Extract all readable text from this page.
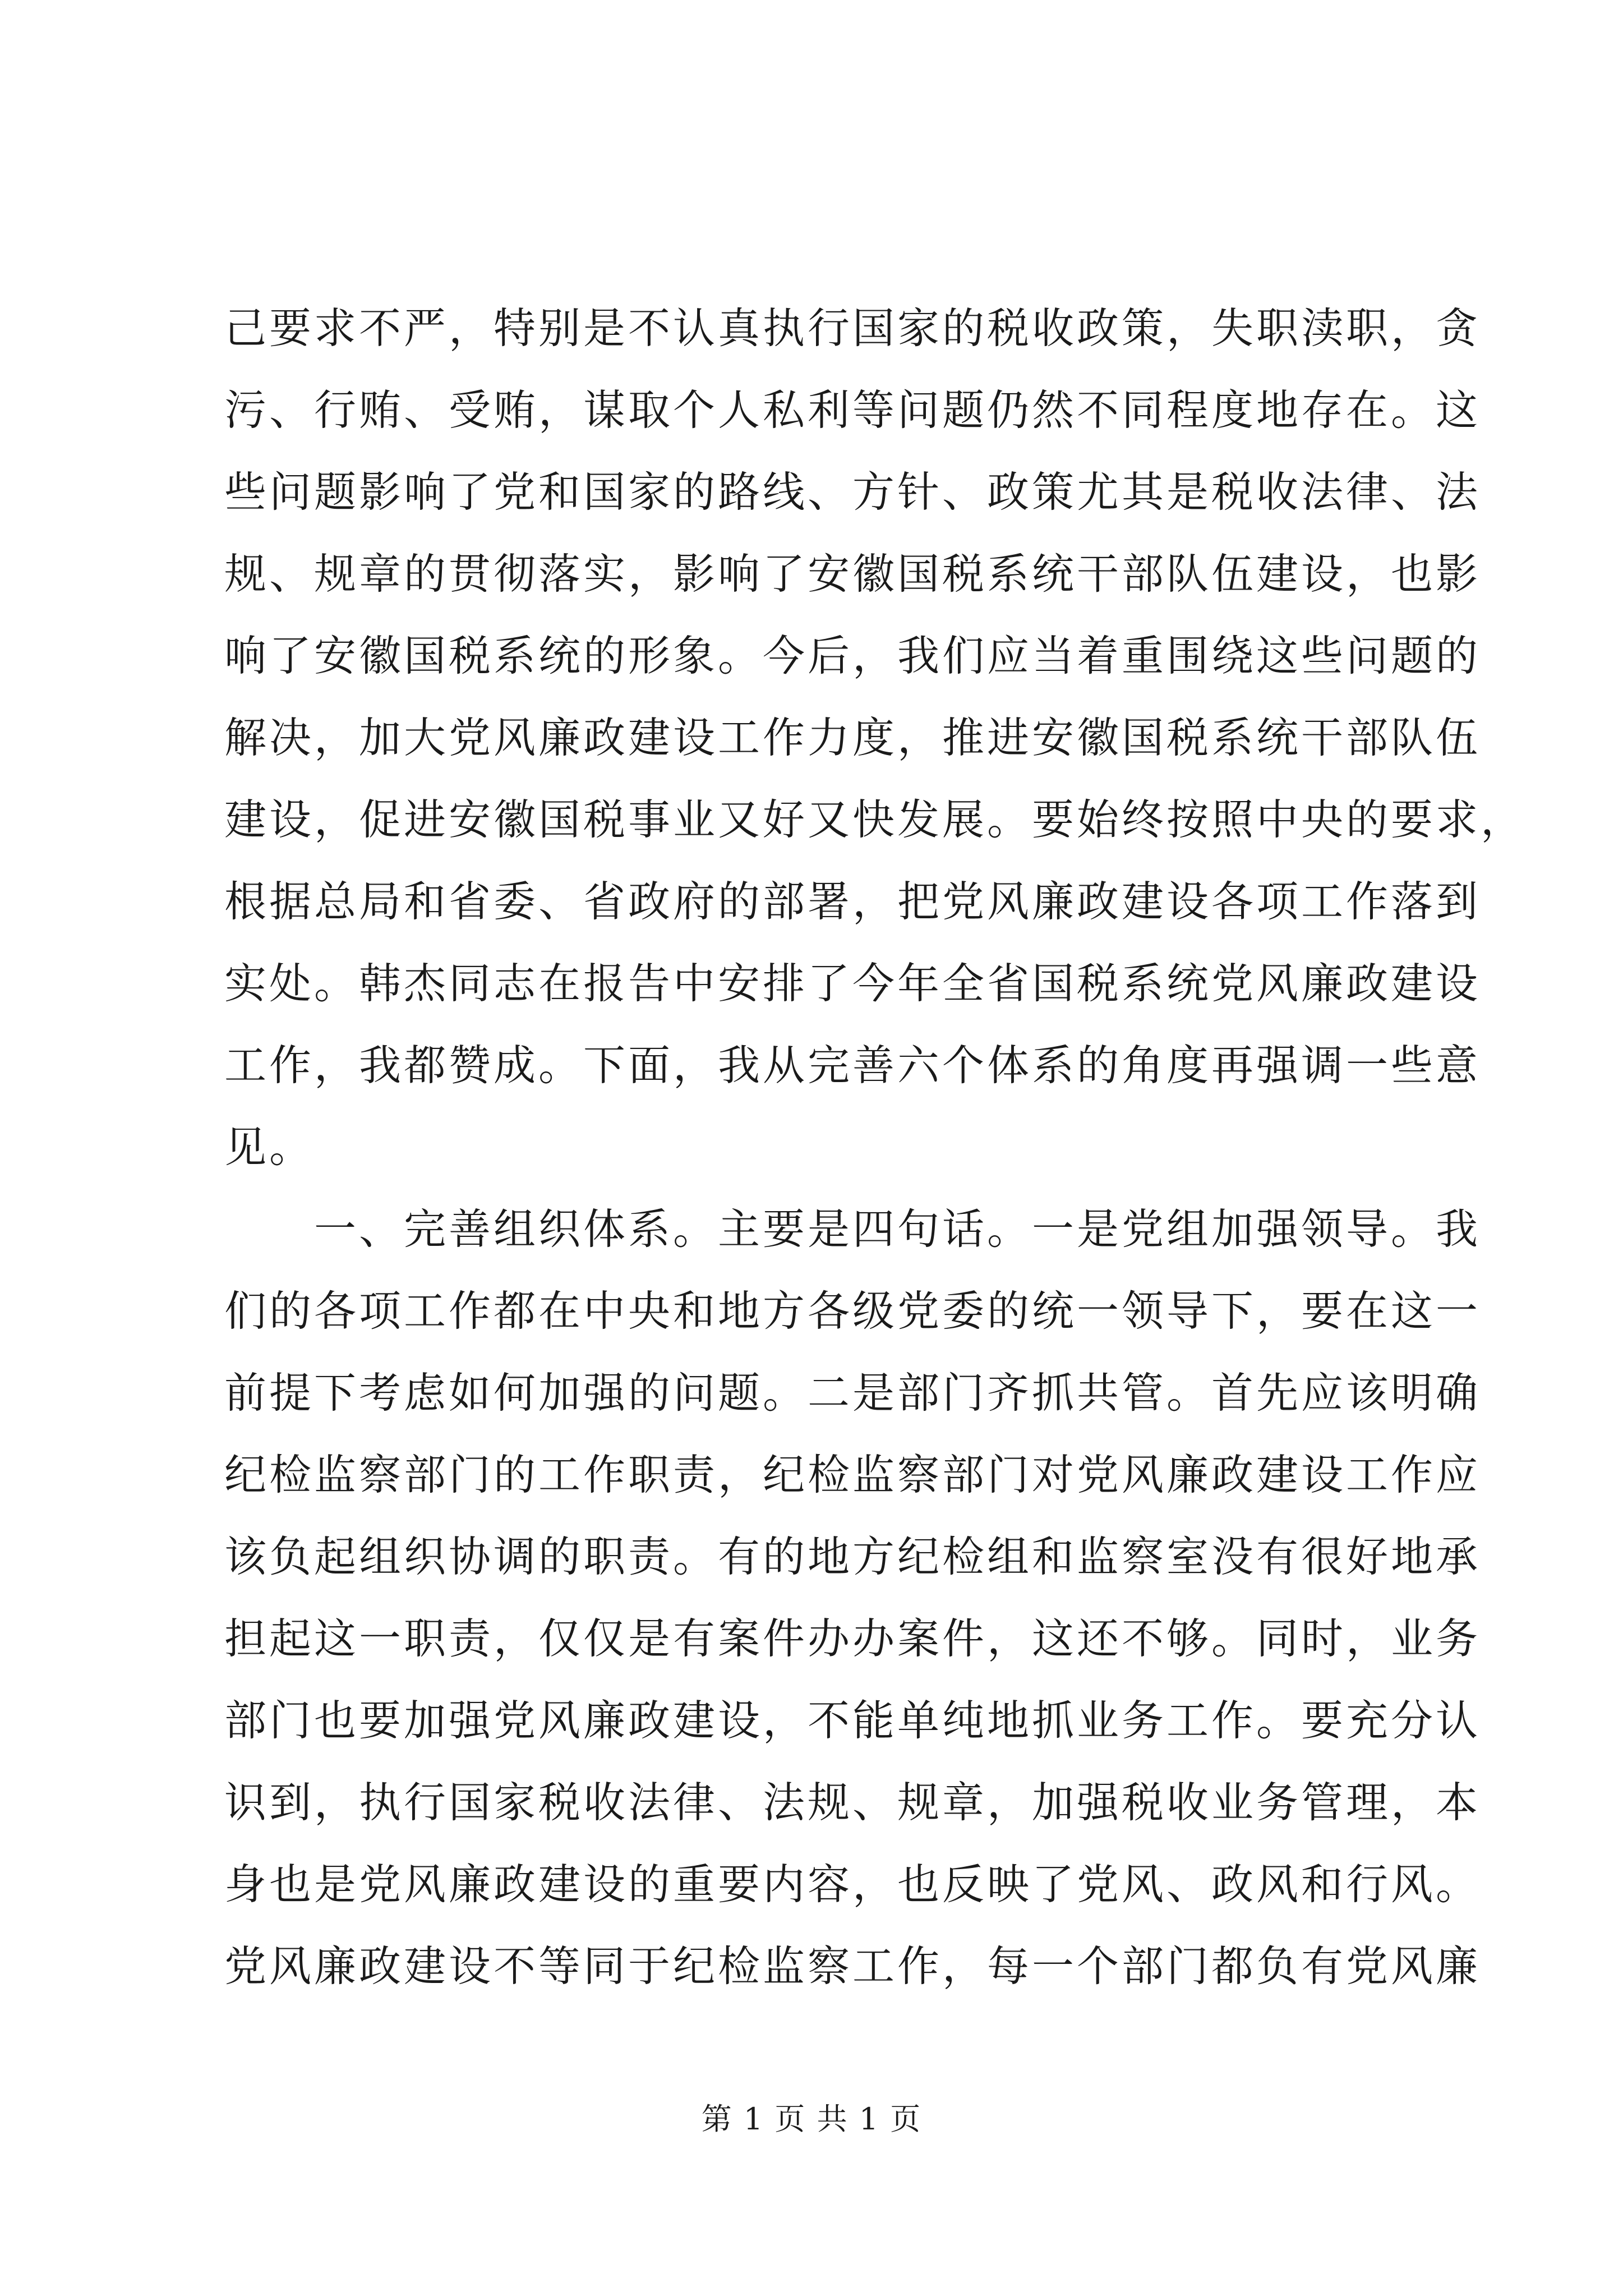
己要求不严，特别是不认真执行国家的税收政策，失职渎职，贪
污、行贿、受贿，谋取个人私利等问题仍然不同程度地存在。这
些问题影响了党和国家的路线、方针、政策尤其是税收法律、法
规、规章的贯彻落实，影响了安徽国税系统干部队伍建设，也影
响了安徽国税系统的形象。今后，我们应当着重围绕这些问题的
解决，加大党风廉政建设工作力度，推进安徽国税系统干部队伍
建设，促进安徽国税事业又好又快发展。要始终按照中央的要求，
根据总局和省委、省政府的部署，把党风廉政建设各项工作落到
实处。韩杰同志在报告中安排了今年全省国税系统党风廉政建设
工作，我都赞成。下面，我从完善六个体系的角度再强调一些意
见。
一、完善组织体系。主要是四句话。一是党组加强领导。我
们的各项工作都在中央和地方各级党委的统一领导下，要在这一
前提下考虑如何加强的问题。二是部门齐抓共管。首先应该明确
纪检监察部门的工作职责，纪检监察部门对党风廉政建设工作应
该负起组织协调的职责。有的地方纪检组和监察室没有很好地承
担起这一职责，仅仅是有案件办办案件，这还不够。同时，业务
部门也要加强党风廉政建设，不能单纯地抓业务工作。要充分认
识到，执行国家税收法律、法规、规章，加强税收业务管理，本
身也是党风廉政建设的重要内容，也反映了党风、政风和行风。
党风廉政建设不等同于纪检监察工作，每一个部门都负有党风廉
第 1 页 共 1 页
